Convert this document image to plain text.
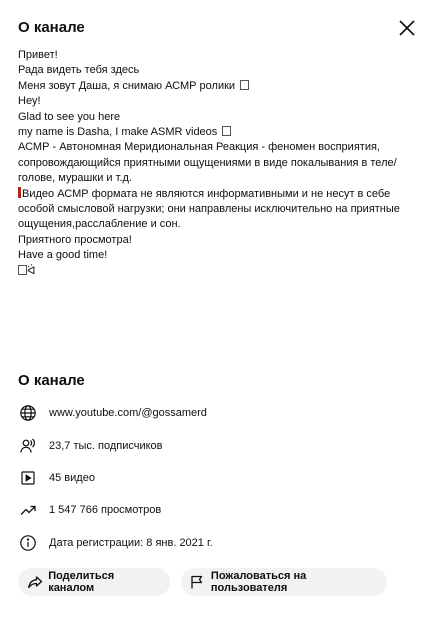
О канале
Привет!
Рада видеть тебя здесь
Меня зовут Даша, я снимаю АСМР ролики
Hey!
Glad to see you here
my name is Dasha, I make ASMR videos
АСМР - Автономная Меридиональная Реакция - феномен восприятия, сопровождающийся приятными ощущениями в виде покалывания в теле/голове, мурашки и т.д.
Видео АСМР формата не являются информативными и не несут в себе особой смысловой нагрузки; они направлены исключительно на приятные ощущения,расслабление и сон.
Приятного просмотра!
Have a good time!
ᐛ
О канале
www.youtube.com/@gossamerd
23,7 тыс. подписчиков
45 видео
1 547 766 просмотров
Дата регистрации: 8 янв. 2021 г.
Поделиться каналом
Пожаловаться на пользователя
